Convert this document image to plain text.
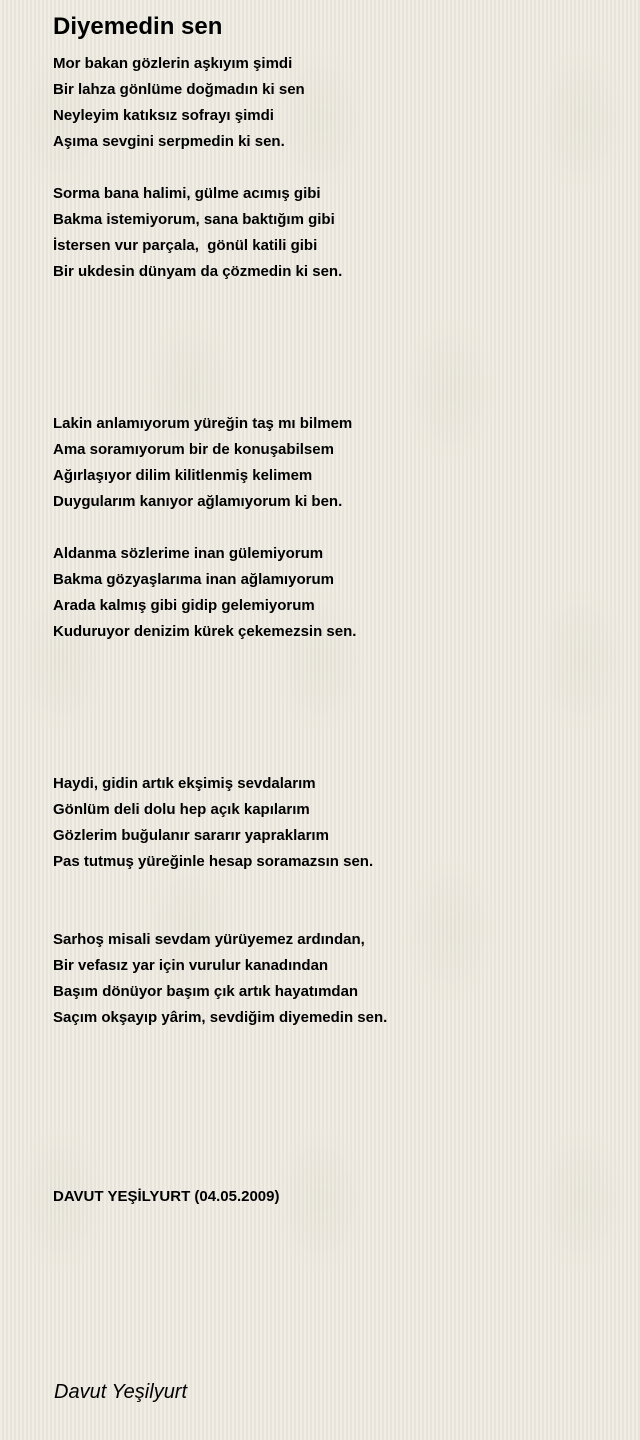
Diyemedin sen
Mor bakan gözlerin aşkıyım şimdi
Bir lahza gönlüme doğmadın ki sen
Neyleyim katıksız sofrayı şimdi
Aşıma sevgini serpmedin ki sen.
Sorma bana halimi, gülme acımış gibi
Bakma istemiyorum, sana baktığım gibi
İstersen vur parçala,  gönül katili gibi
Bir ukdesin dünyam da çözmedin ki sen.
Lakin anlamıyorum yüreğin taş mı bilmem
Ama soramıyorum bir de konuşabilsem
Ağırlaşıyor dilim kilitlenmiş kelimem
Duygularım kanıyor ağlamıyorum ki ben.
Aldanma sözlerime inan gülemiyorum
Bakma gözyaşlarıma inan ağlamıyorum
Arada kalmış gibi gidip gelemiyorum
Kuduruyor denizim kürek çekemezsin sen.
Haydi, gidin artık ekşimiş sevdalarım
Gönlüm deli dolu hep açık kapılarım
Gözlerim buğulanır sararır yapraklarım
Pas tutmuş yüreğinle hesap soramazsın sen.
Sarhoş misali sevdam yürüyemez ardından,
Bir vefasız yar için vurulur kanadından
Başım dönüyor başım çık artık hayatımdan
Saçım okşayıp yârim, sevdiğim diyemedin sen.

DAVUT YEŞİLYURT (04.05.2009)

Davut Yeşilyurt
